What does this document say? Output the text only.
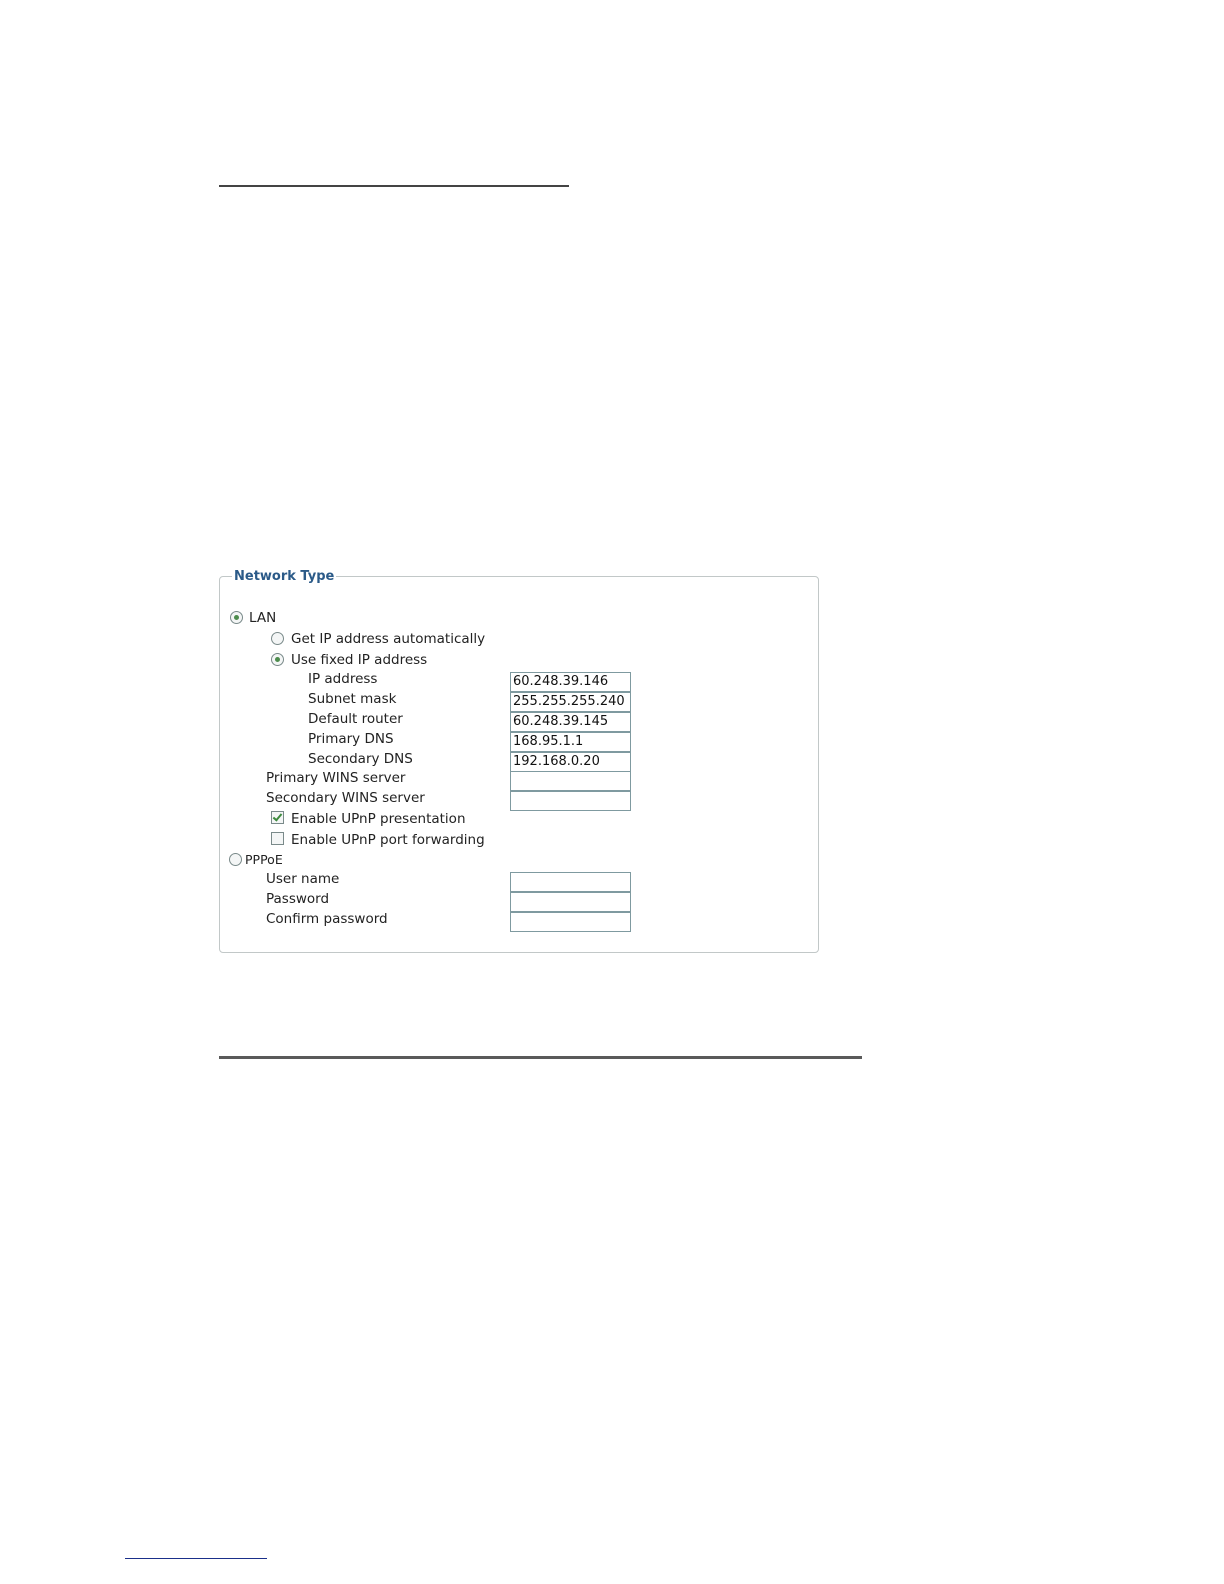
Network Type
LAN
Get IP address automatically
Use fixed IP address
IP address
60.248.39.146
Subnet mask
255.255.255.240
Default router
60.248.39.145
Primary DNS
168.95.1.1
Secondary DNS
192.168.0.20
Primary WINS server
Secondary WINS server
Enable UPnP presentation
Enable UPnP port forwarding
PPPoE
User name
Password
Confirm password
